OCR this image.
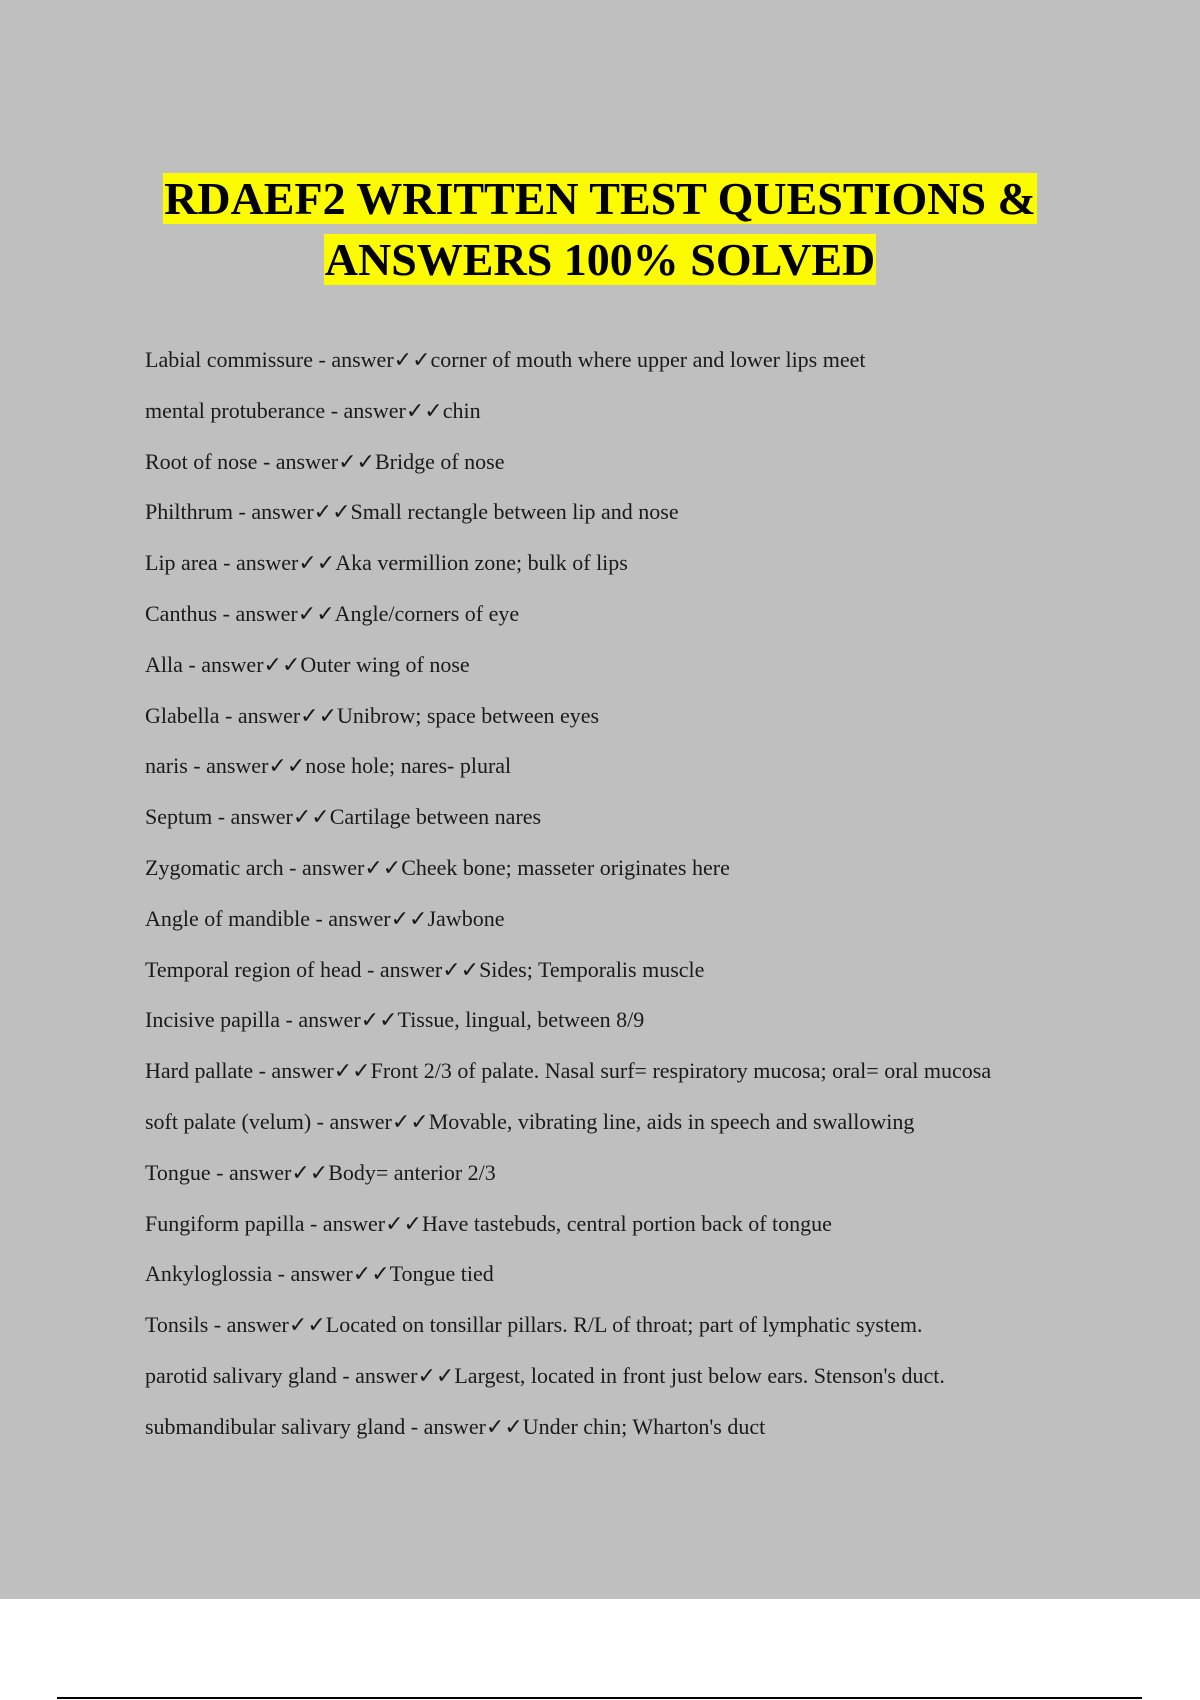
RDAEF2 WRITTEN TEST QUESTIONS &
ANSWERS 100% SOLVED
Labial commissure - answer✓✓corner of mouth where upper and lower lips meet
mental protuberance - answer✓✓chin
Root of nose - answer✓✓Bridge of nose
Philthrum - answer✓✓Small rectangle between lip and nose
Lip area - answer✓✓Aka vermillion zone; bulk of lips
Canthus - answer✓✓Angle/corners of eye
Alla - answer✓✓Outer wing of nose
Glabella - answer✓✓Unibrow; space between eyes
naris - answer✓✓nose hole; nares- plural
Septum - answer✓✓Cartilage between nares
Zygomatic arch - answer✓✓Cheek bone; masseter originates here
Angle of mandible - answer✓✓Jawbone
Temporal region of head - answer✓✓Sides; Temporalis muscle
Incisive papilla - answer✓✓Tissue, lingual, between 8/9
Hard pallate - answer✓✓Front 2/3 of palate. Nasal surf= respiratory mucosa; oral= oral mucosa
soft palate (velum) - answer✓✓Movable, vibrating line, aids in speech and swallowing
Tongue - answer✓✓Body= anterior 2/3
Fungiform papilla - answer✓✓Have tastebuds, central portion back of tongue
Ankyloglossia - answer✓✓Tongue tied
Tonsils - answer✓✓Located on tonsillar pillars. R/L of throat; part of lymphatic system.
parotid salivary gland - answer✓✓Largest, located in front just below ears. Stenson's duct.
submandibular salivary gland - answer✓✓Under chin; Wharton's duct
